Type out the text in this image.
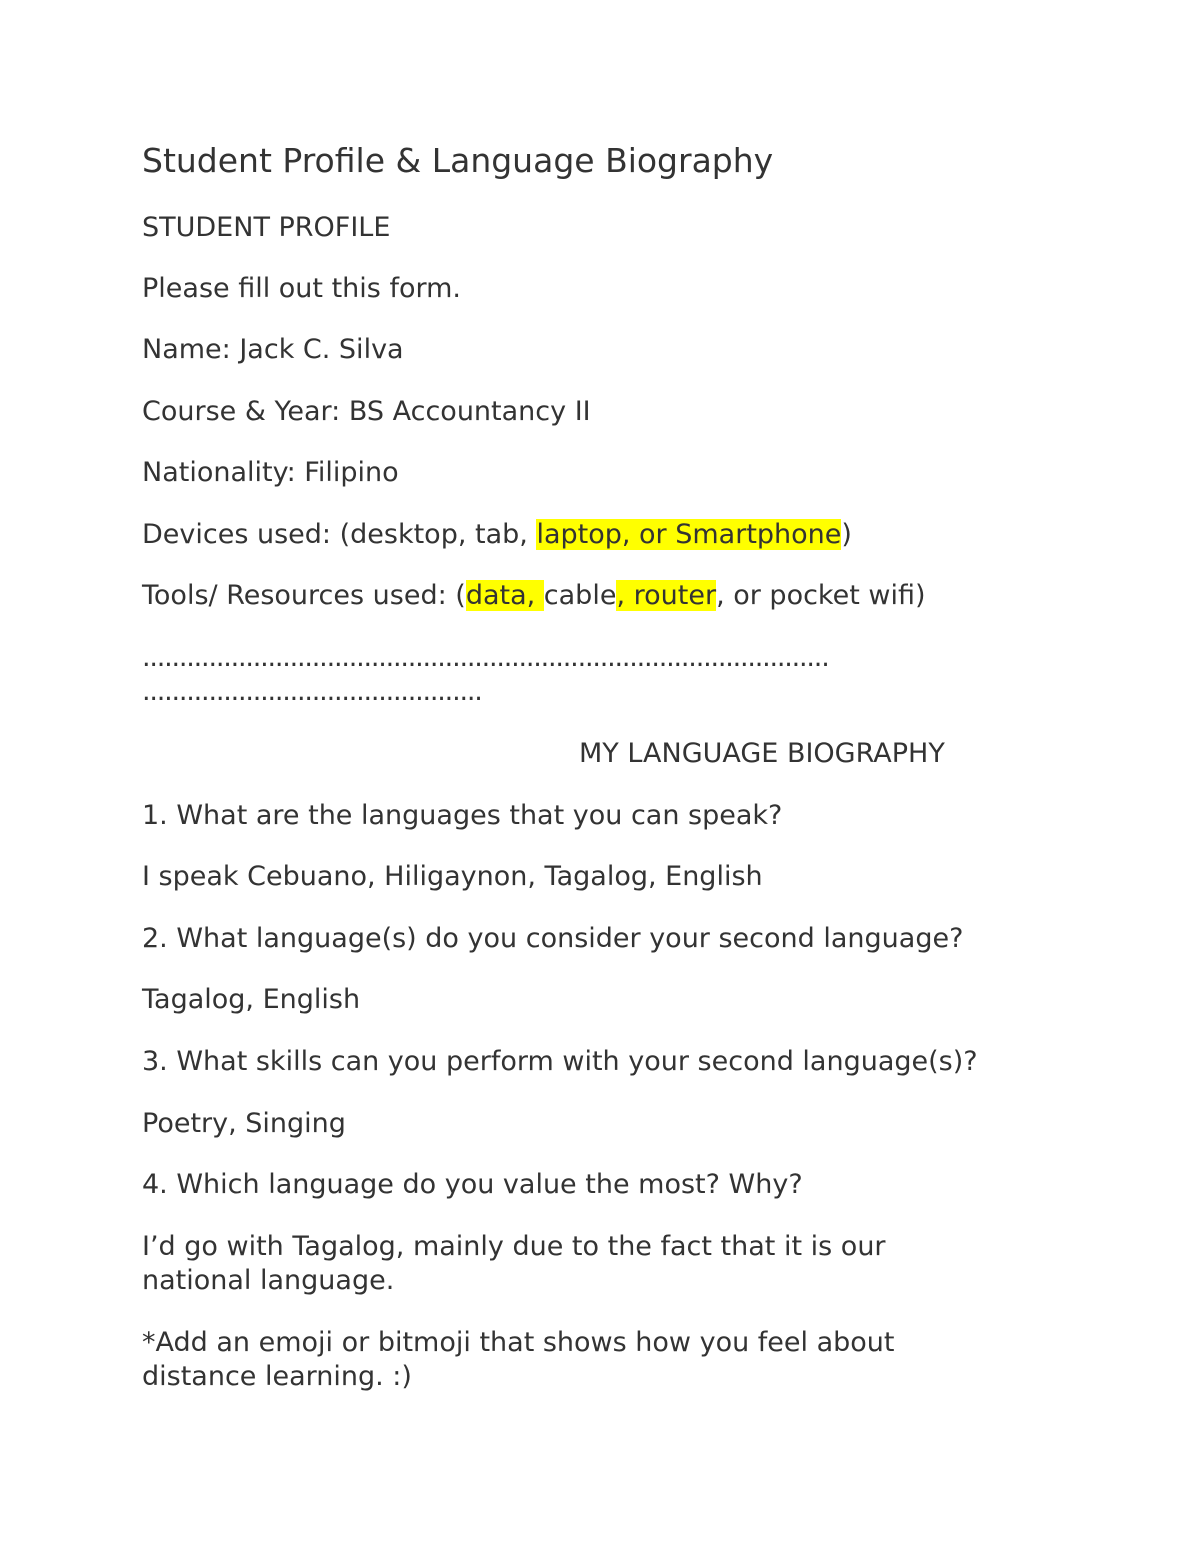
Student Profile & Language Biography
STUDENT PROFILE
Please fill out this form.
Name: Jack C. Silva
Course & Year: BS Accountancy II
Nationality: Filipino
Devices used: (desktop, tab, laptop, or Smartphone)
Tools/ Resources used: (data, cable, router, or pocket wifi)
.............................................................................................
..............................................
MY LANGUAGE BIOGRAPHY
1. What are the languages that you can speak?
I speak Cebuano, Hiligaynon, Tagalog, English
2. What language(s) do you consider your second language?
Tagalog, English
3. What skills can you perform with your second language(s)?
Poetry, Singing
4. Which language do you value the most? Why?
I’d go with Tagalog, mainly due to the fact that it is our
national language.
*Add an emoji or bitmoji that shows how you feel about
distance learning. :)
